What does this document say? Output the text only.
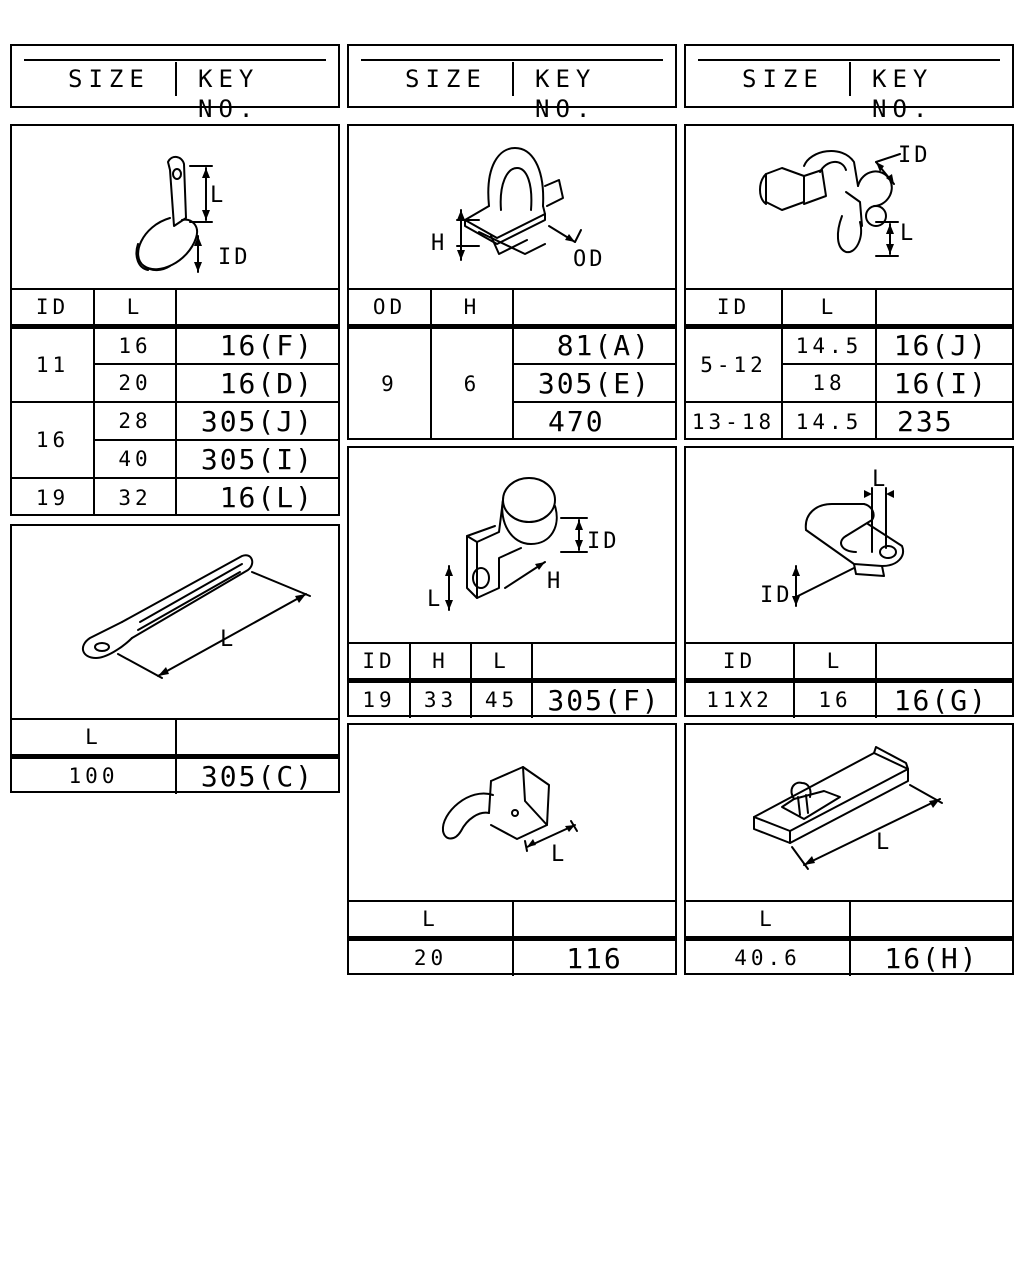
SIZE KEY NO.
SIZE KEY NO.
SIZE KEY NO.
L
ID
ID	L	
11	16	16(F)
	20	16(D)
16	28	305(J)
	40	305(I)
19	32	16(L)
L
L	
100	305(C)
H
OD
OD	H	
9	6	81(A)
		305(E)
		470
ID
H
L
ID	H	L	
19	33	45	305(F)
L
L	
20	116
ID
L
ID	L	
5-12	14.5	16(J)
	18	16(I)
13-18	14.5	235
L
ID
ID	L	
11X2	16	16(G)
L
L	
40.6	16(H)
